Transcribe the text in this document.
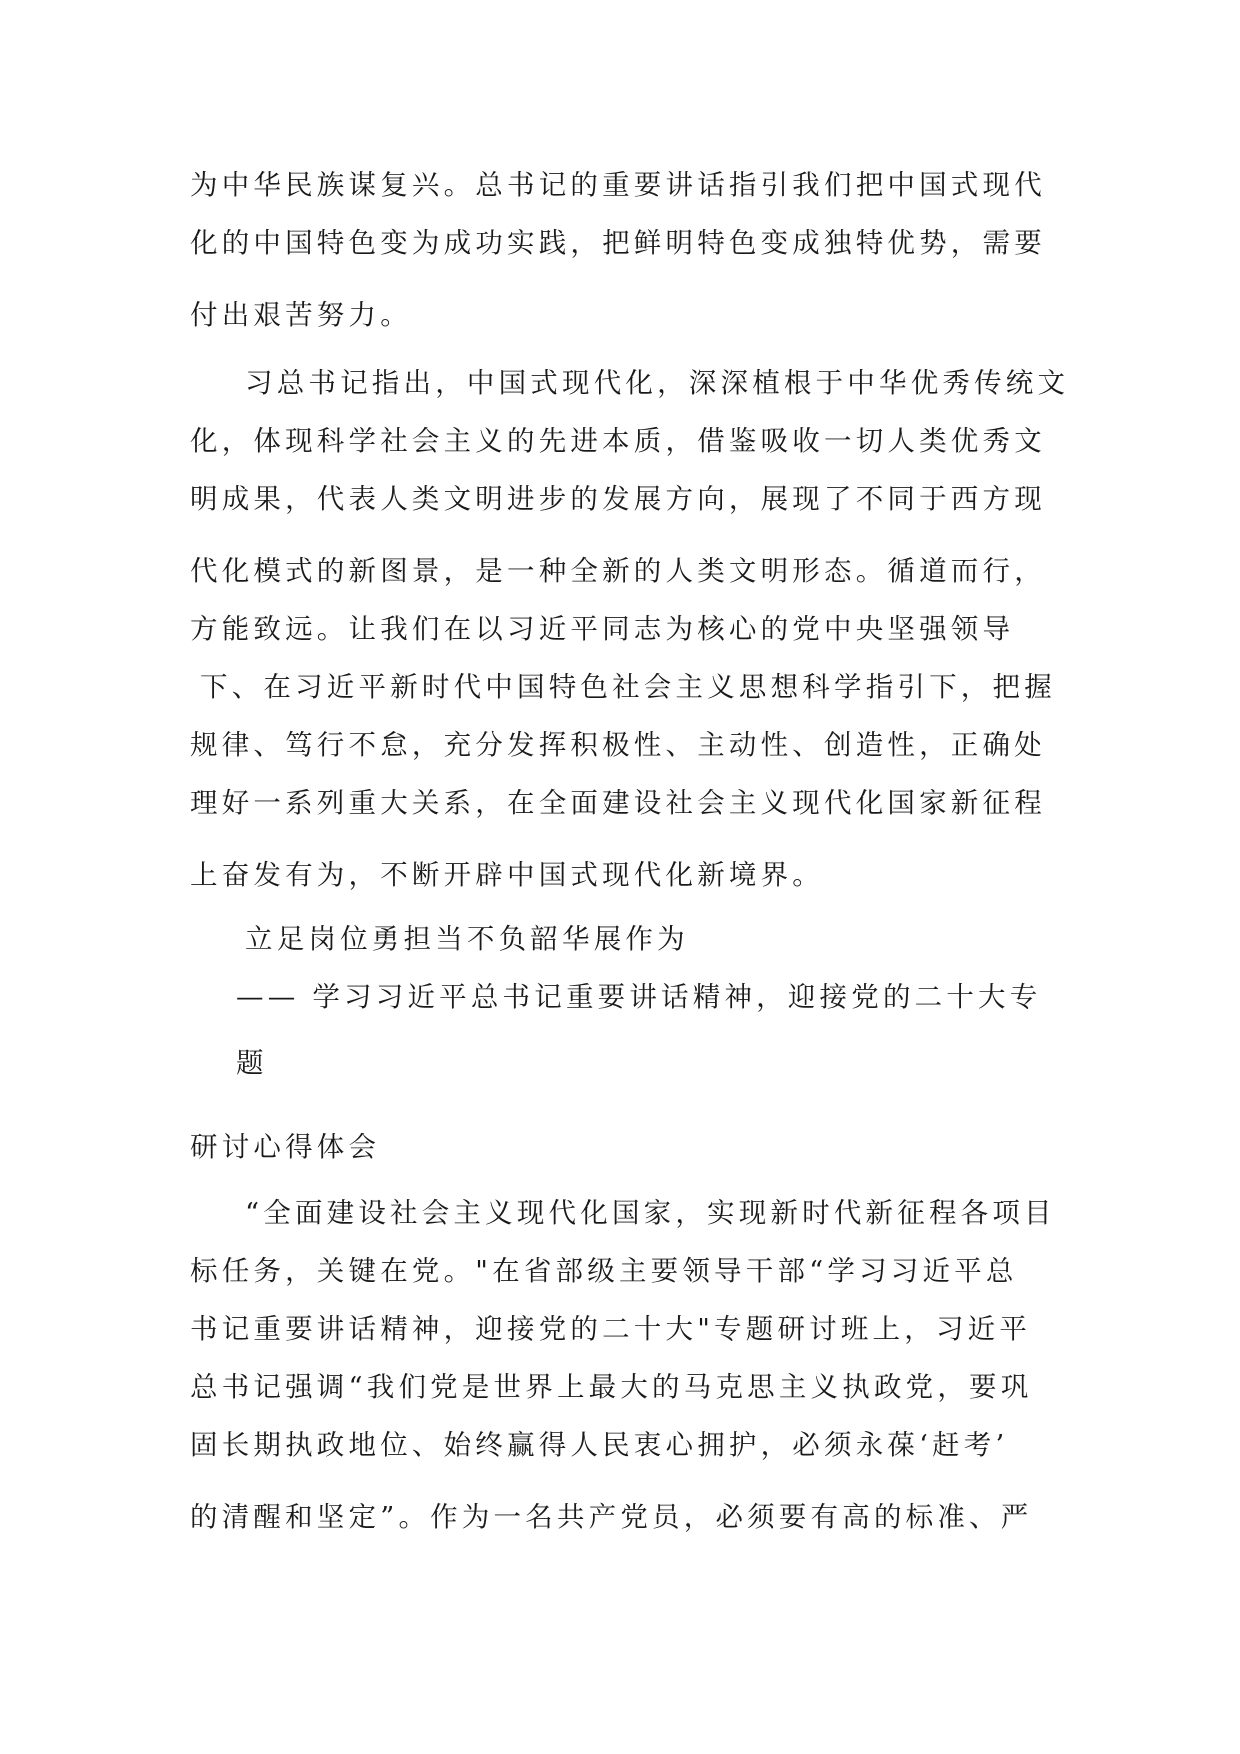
为中华民族谋复兴。总书记的重要讲话指引我们把中国式现代
化的中国特色变为成功实践，把鲜明特色变成独特优势，需要
付出艰苦努力。
习总书记指出，中国式现代化，深深植根于中华优秀传统文
化，体现科学社会主义的先进本质，借鉴吸收一切人类优秀文
明成果，代表人类文明进步的发展方向，展现了不同于西方现
代化模式的新图景，是一种全新的人类文明形态。循道而行，
方能致远。让我们在以习近平同志为核心的党中央坚强领导
下、在习近平新时代中国特色社会主义思想科学指引下，把握
规律、笃行不怠，充分发挥积极性、主动性、创造性，正确处
理好一系列重大关系，在全面建设社会主义现代化国家新征程
上奋发有为，不断开辟中国式现代化新境界。
立足岗位勇担当不负韶华展作为
—— 学习习近平总书记重要讲话精神，迎接党的二十大专
题
研讨心得体会
“全面建设社会主义现代化国家，实现新时代新征程各项目
标任务，关键在党。"在省部级主要领导干部“学习习近平总
书记重要讲话精神，迎接党的二十大"专题研讨班上，习近平
总书记强调“我们党是世界上最大的马克思主义执政党，要巩
固长期执政地位、始终赢得人民衷心拥护，必须永葆‘赶考’
的清醒和坚定”。作为一名共产党员，必须要有高的标准、严
